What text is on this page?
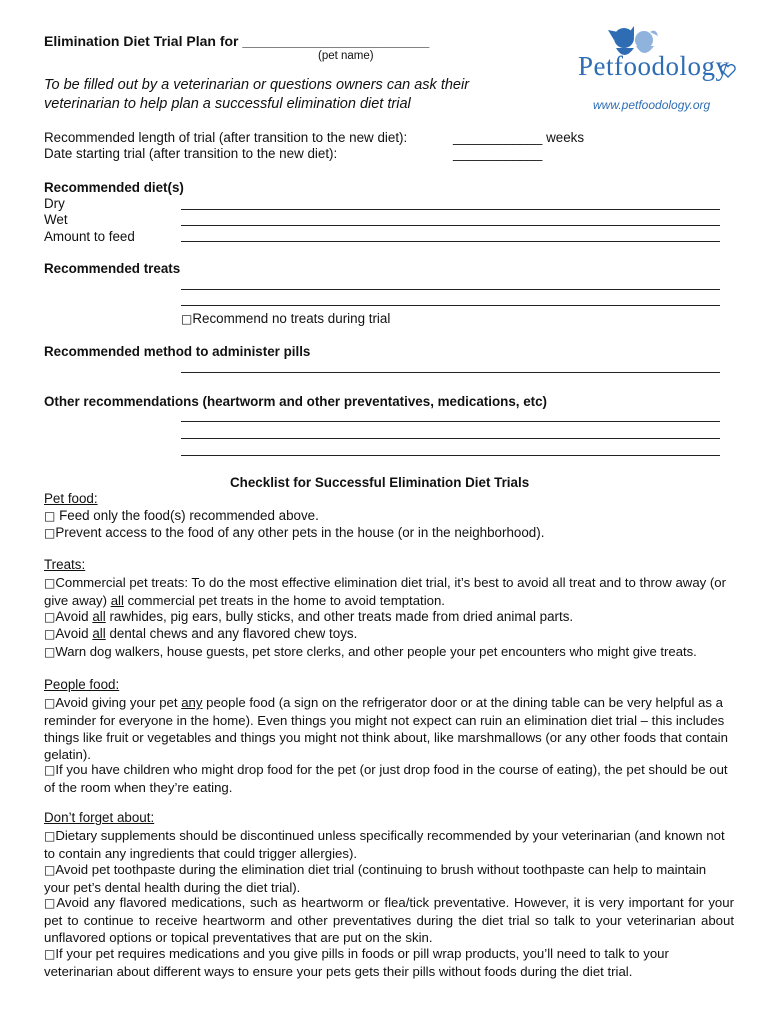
Elimination Diet Trial Plan for ________________________
(pet name)
To be filled out by a veterinarian or questions owners can ask their
veterinarian to help plan a successful elimination diet trial
Petfoodology
www.petfoodology.org
Recommended length of trial (after transition to the new diet):	____________ weeks
Date starting trial (after transition to the new diet):	____________
Recommended diet(s)
Dry
Wet
Amount to feed
Recommended treats
□Recommend no treats during trial
Recommended method to administer pills
Other recommendations (heartworm and other preventatives, medications, etc)
Checklist for Successful Elimination Diet Trials
Pet food:
□ Feed only the food(s) recommended above.
□Prevent access to the food of any other pets in the house (or in the neighborhood).
Treats:
□Commercial pet treats: To do the most effective elimination diet trial, it’s best to avoid all treat and to throw away (or give away) all commercial pet treats in the home to avoid temptation.
□Avoid all rawhides, pig ears, bully sticks, and other treats made from dried animal parts.
□Avoid all dental chews and any flavored chew toys.
□Warn dog walkers, house guests, pet store clerks, and other people your pet encounters who might give treats.
People food:
□Avoid giving your pet any people food (a sign on the refrigerator door or at the dining table can be very helpful as a reminder for everyone in the home). Even things you might not expect can ruin an elimination diet trial – this includes things like fruit or vegetables and things you might not think about, like marshmallows (or any other foods that contain gelatin).
□If you have children who might drop food for the pet (or just drop food in the course of eating), the pet should be out of the room when they’re eating.
Don’t forget about:
□Dietary supplements should be discontinued unless specifically recommended by your veterinarian (and known not to contain any ingredients that could trigger allergies).
□Avoid pet toothpaste during the elimination diet trial (continuing to brush without toothpaste can help to maintain your pet’s dental health during the diet trial).
□Avoid any flavored medications, such as heartworm or flea/tick preventative. However, it is very important for your pet to continue to receive heartworm and other preventatives during the diet trial so talk to your veterinarian about unflavored options or topical preventatives that are put on the skin.
□If your pet requires medications and you give pills in foods or pill wrap products, you’ll need to talk to your veterinarian about different ways to ensure your pets gets their pills without foods during the diet trial.
